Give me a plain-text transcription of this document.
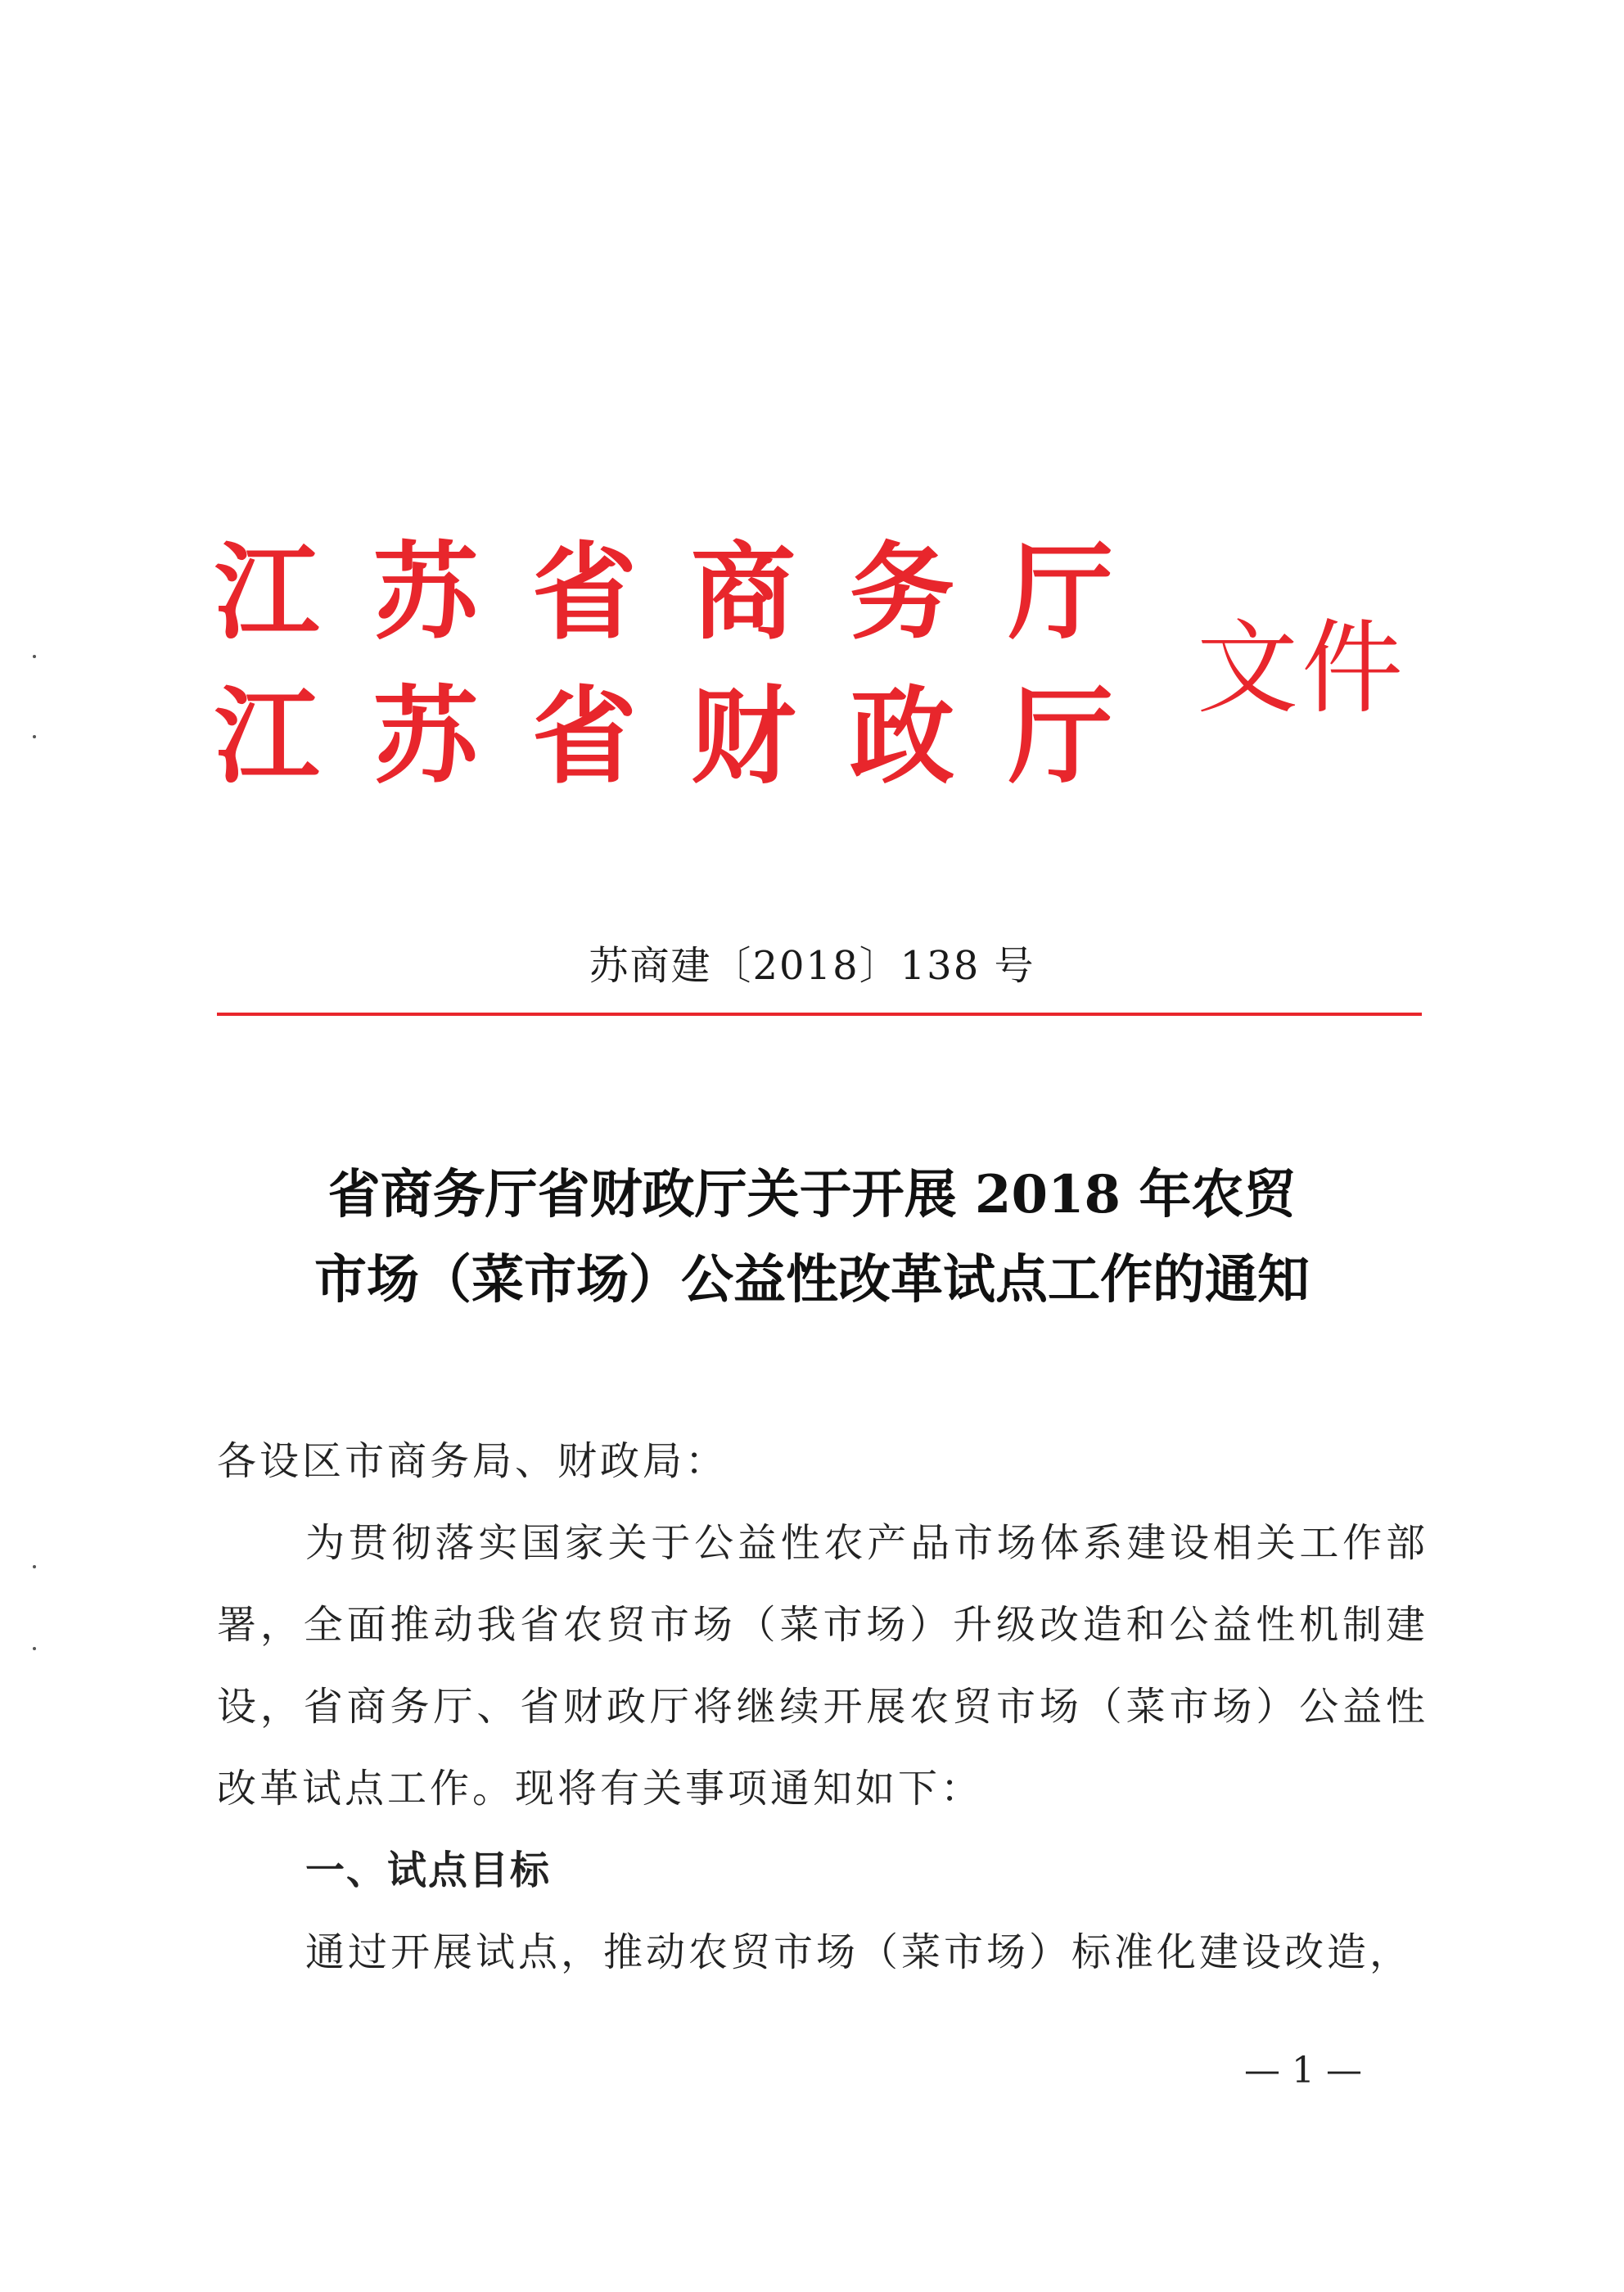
江苏省商务厅
江苏省财政厅
文件
苏商建〔2018〕138 号
省商务厅省财政厅关于开展 2018 年农贸
市场（菜市场）公益性改革试点工作的通知
各设区市商务局、财政局：
为贯彻落实国家关于公益性农产品市场体系建设相关工作部署，全面推动我省农贸市场（菜市场）升级改造和公益性机制建设，省商务厅、省财政厅将继续开展农贸市场（菜市场）公益性改革试点工作。现将有关事项通知如下：
一、试点目标
通过开展试点，推动农贸市场（菜市场）标准化建设改造，
— 1 —
